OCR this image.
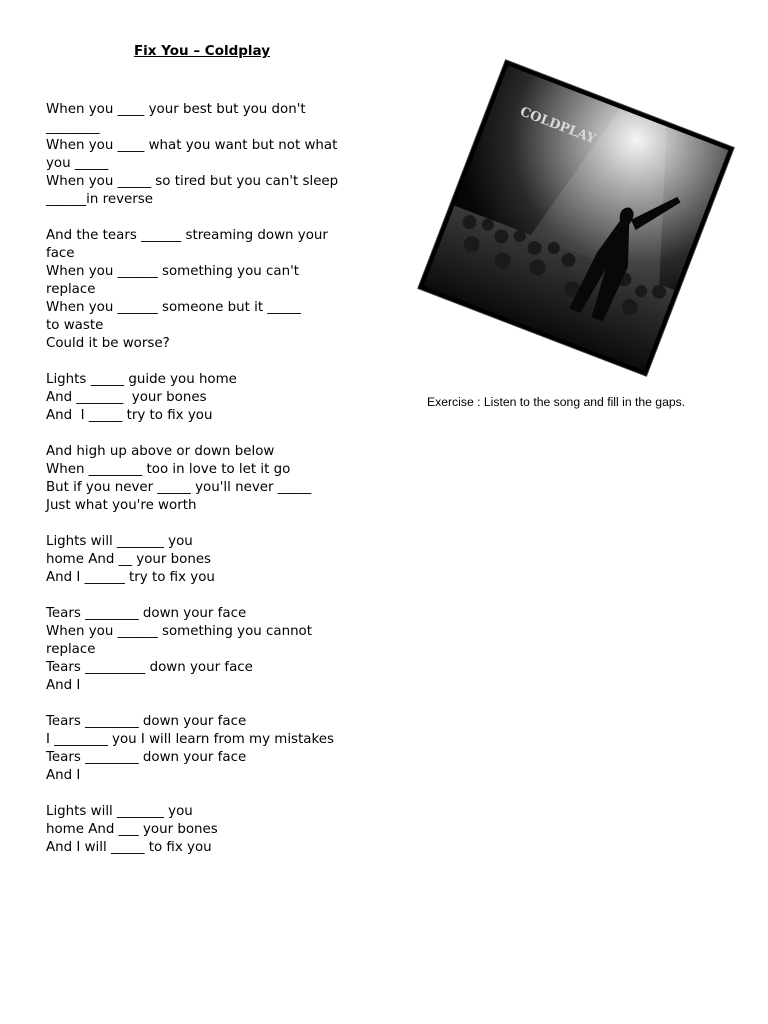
Fix You – Coldplay
When you ____ your best but you don't
________
When you ____ what you want but not what
you _____
When you _____ so tired but you can't sleep
______in reverse
And the tears ______ streaming down your
face
When you ______ something you can't
replace
When you ______ someone but it _____
to waste
Could it be worse?
Lights _____ guide you home
And _______  your bones
And  I _____ try to fix you
And high up above or down below
When ________ too in love to let it go
But if you never _____ you'll never _____
Just what you're worth
Lights will _______ you
home And __ your bones
And I ______ try to fix you
Tears ________ down your face
When you ______ something you cannot
replace
Tears _________ down your face
And I
Tears ________ down your face
I ________ you I will learn from my mistakes
Tears ________ down your face
And I
Lights will _______ you
home And ___ your bones
And I will _____ to fix you
COLDPLAY
Exercise : Listen to the song and fill in the gaps.
